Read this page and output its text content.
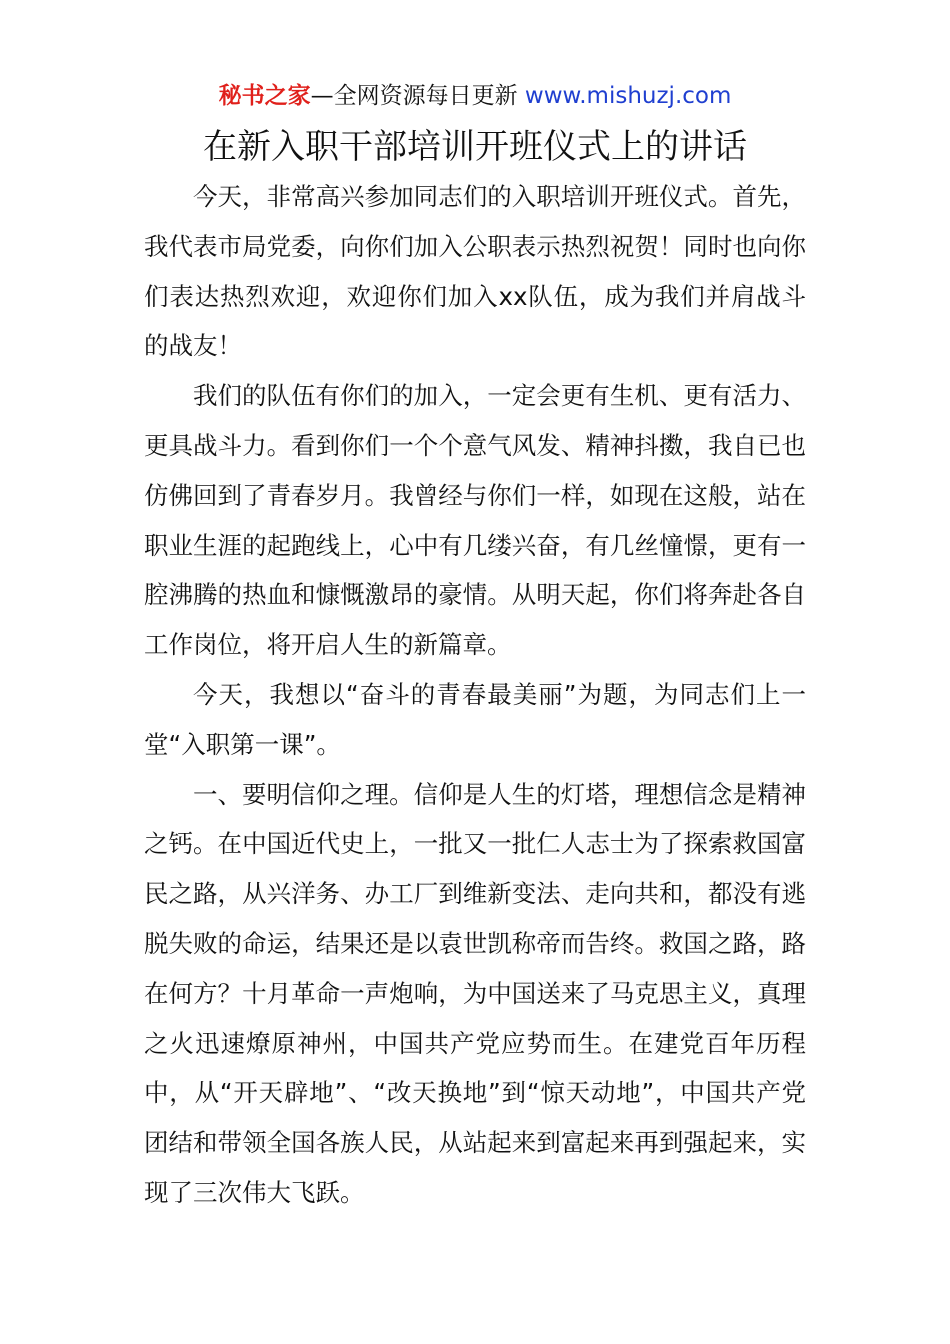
秘书之家—全网资源每日更新 www.mishuzj.com
在新入职干部培训开班仪式上的讲话

今天，非常高兴参加同志们的入职培训开班仪式。首先，我代表市局党委，向你们加入公职表示热烈祝贺！同时也向你们表达热烈欢迎，欢迎你们加入xx队伍，成为我们并肩战斗的战友！

我们的队伍有你们的加入，一定会更有生机、更有活力、更具战斗力。看到你们一个个意气风发、精神抖擞，我自已也仿佛回到了青春岁月。我曾经与你们一样，如现在这般，站在职业生涯的起跑线上，心中有几缕兴奋，有几丝憧憬，更有一腔沸腾的热血和慷慨激昂的豪情。从明天起，你们将奔赴各自工作岗位，将开启人生的新篇章。

今天，我想以“奋斗的青春最美丽”为题，为同志们上一堂“入职第一课”。

一、要明信仰之理。信仰是人生的灯塔，理想信念是精神之钙。在中国近代史上，一批又一批仁人志士为了探索救国富民之路，从兴洋务、办工厂到维新变法、走向共和，都没有逃脱失败的命运，结果还是以袁世凯称帝而告终。救国之路，路在何方？十月革命一声炮响，为中国送来了马克思主义，真理之火迅速燎原神州，中国共产党应势而生。在建党百年历程中，从“开天辟地”、“改天换地”到“惊天动地”，中国共产党团结和带领全国各族人民，从站起来到富起来再到强起来，实现了三次伟大飞跃。
